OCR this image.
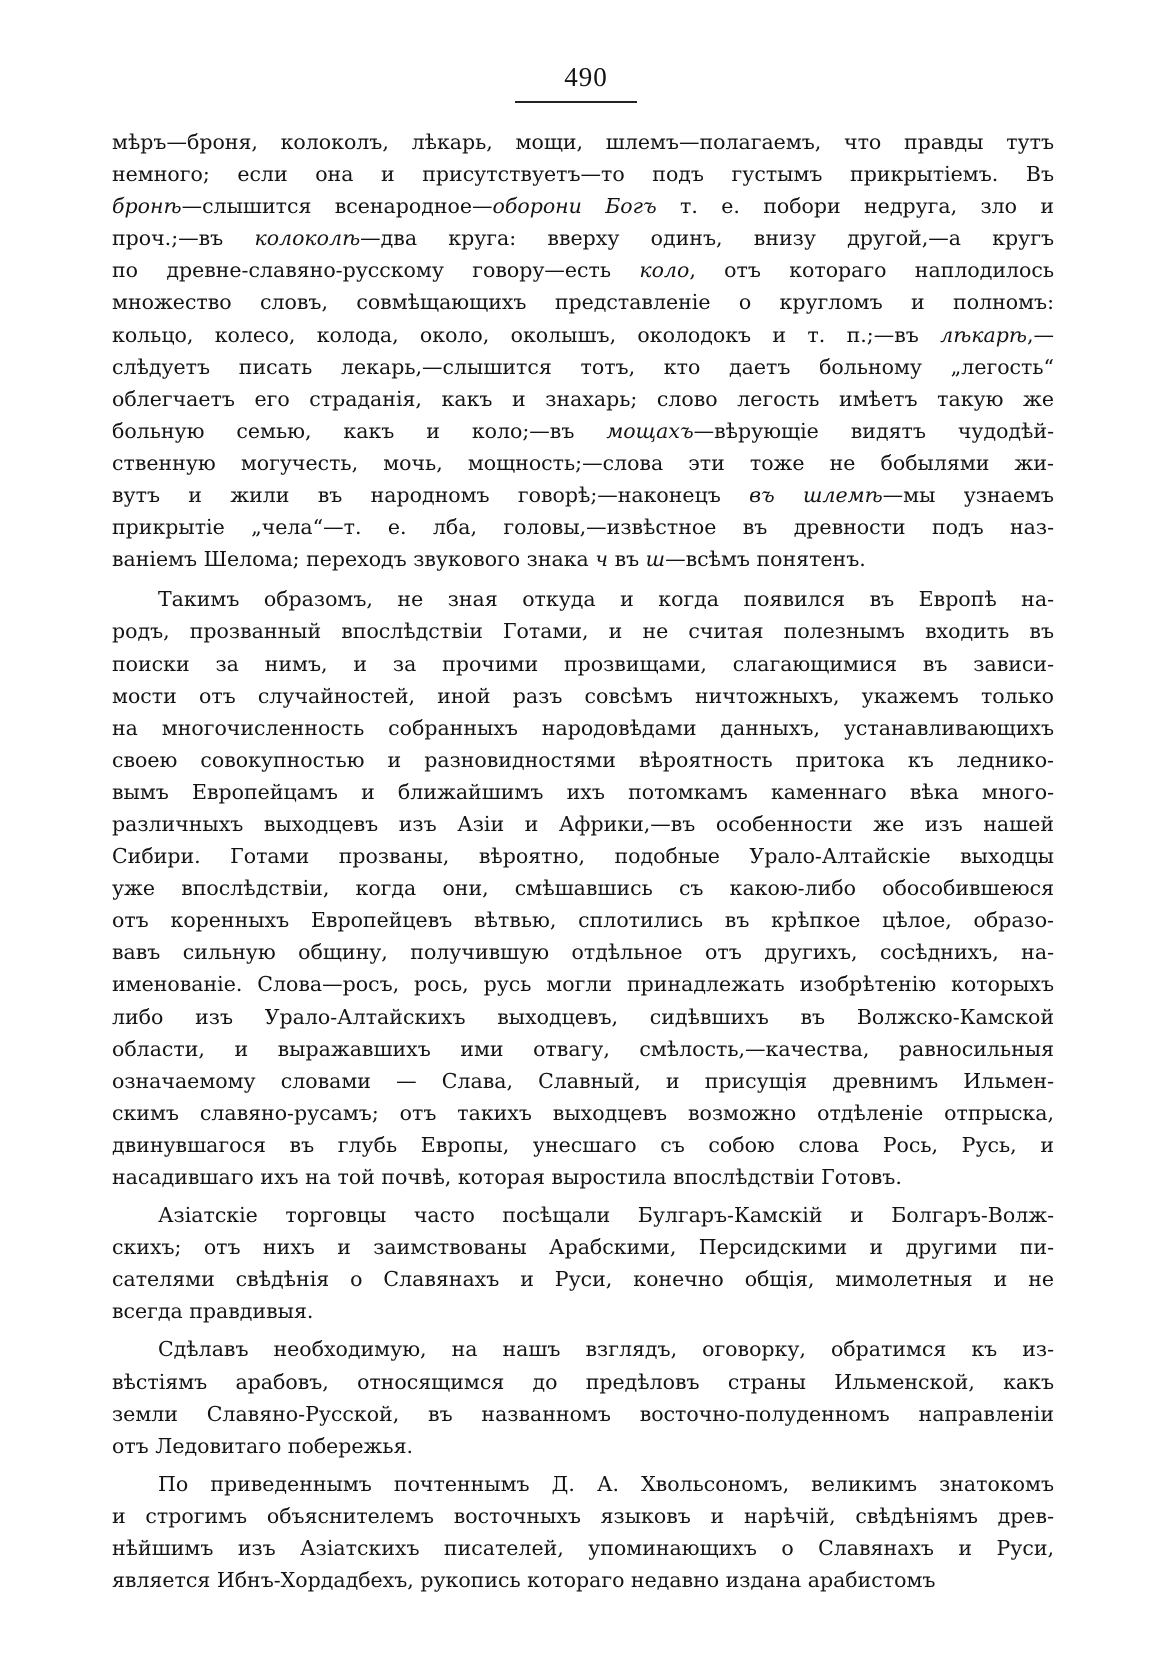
490
мѣръ—броня, колоколъ, лѣкарь, мощи, шлемъ—полагаемъ, что правды тутъ
немного; если она и присутствуетъ—то подъ густымъ прикрытіемъ. Въ
бронѣ—слышится всенародное—оборони Богъ т. е. побори недруга, зло и
проч.;—въ колоколѣ—два круга: вверху одинъ, внизу другой,—а кругъ
по древне-славяно-русскому говору—есть коло, отъ котораго наплодилось
множество словъ, совмѣщающихъ представленіе о кругломъ и полномъ:
кольцо, колесо, колода, около, околышъ, околодокъ и т. п.;—въ лѣкарѣ,—
слѣдуетъ писать лекарь,—слышится тотъ, кто даетъ больному „легость“
облегчаетъ его страданія, какъ и знахарь; слово легость имѣетъ такую же
больную семью, какъ и коло;—въ мощахъ—вѣрующіе видятъ чудодѣй-
ственную могучесть, мочь, мощность;—слова эти тоже не бобылями жи-
вутъ и жили въ народномъ говорѣ;—наконецъ въ шлемѣ—мы узнаемъ
прикрытіе „чела“—т. е. лба, головы,—извѣстное въ древности подъ наз-
ваніемъ Шелома; переходъ звукового знака ч въ ш—всѣмъ понятенъ.
Такимъ образомъ, не зная откуда и когда появился въ Европѣ на-
родъ, прозванный впослѣдствіи Готами, и не считая полезнымъ входить въ
поиски за нимъ, и за прочими прозвищами, слагающимися въ зависи-
мости отъ случайностей, иной разъ совсѣмъ ничтожныхъ, укажемъ только
на многочисленность собранныхъ народовѣдами данныхъ, устанавливающихъ
своею совокупностью и разновидностями вѣроятность притока къ леднико-
вымъ Европейцамъ и ближайшимъ ихъ потомкамъ каменнаго вѣка много-
различныхъ выходцевъ изъ Азіи и Африки,—въ особенности же изъ нашей
Сибири. Готами прозваны, вѣроятно, подобные Урало-Алтайскіе выходцы
уже впослѣдствіи, когда они, смѣшавшись съ какою-либо обособившеюся
отъ коренныхъ Европейцевъ вѣтвью, сплотились въ крѣпкое цѣлое, образо-
вавъ сильную общину, получившую отдѣльное отъ другихъ, сосѣднихъ, на-
именованіе. Слова—росъ, рось, русь могли принадлежать изобрѣтенію которыхъ
либо изъ Урало-Алтайскихъ выходцевъ, сидѣвшихъ въ Волжско-Камской
области, и выражавшихъ ими отвагу, смѣлость,—качества, равносильныя
означаемому словами — Слава, Славный, и присущія древнимъ Ильмен-
скимъ славяно-русамъ; отъ такихъ выходцевъ возможно отдѣленіе отпрыска,
двинувшагося въ глубь Европы, унесшаго съ собою слова Рось, Русь, и
насадившаго ихъ на той почвѣ, которая выростила впослѣдствіи Готовъ.
Азіатскіе торговцы часто посѣщали Булгаръ-Камскій и Болгаръ-Волж-
скихъ; отъ нихъ и заимствованы Арабскими, Персидскими и другими пи-
сателями свѣдѣнія о Славянахъ и Руси, конечно общія, мимолетныя и не
всегда правдивыя.
Сдѣлавъ необходимую, на нашъ взглядъ, оговорку, обратимся къ из-
вѣстіямъ арабовъ, относящимся до предѣловъ страны Ильменской, какъ
земли Славяно-Русской, въ названномъ восточно-полуденномъ направленіи
отъ Ледовитаго побережья.
По приведеннымъ почтеннымъ Д. А. Хвольсономъ, великимъ знатокомъ
и строгимъ объяснителемъ восточныхъ языковъ и нарѣчій, свѣдѣніямъ древ-
нѣйшимъ изъ Азіатскихъ писателей, упоминающихъ о Славянахъ и Руси,
является Ибнъ-Хордадбехъ, рукопись котораго недавно издана арабистомъ
